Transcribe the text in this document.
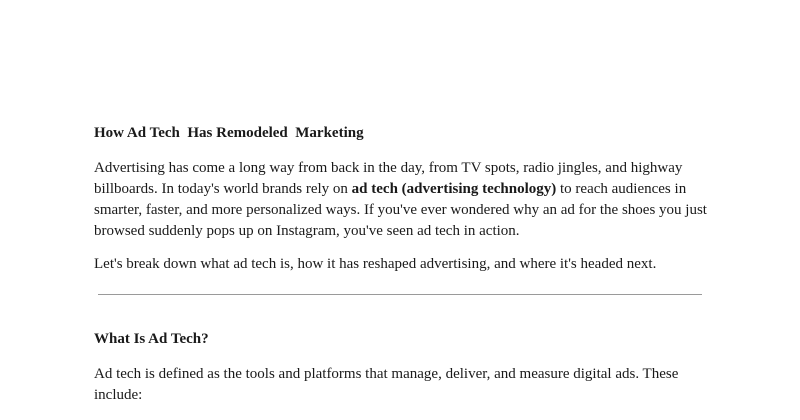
How Ad Tech  Has Remodeled  Marketing

Advertising has come a long way from back in the day, from TV spots, radio jingles, and highway billboards. In today's world brands rely on ad tech (advertising technology) to reach audiences in smarter, faster, and more personalized ways. If you've ever wondered why an ad for the shoes you just browsed suddenly pops up on Instagram, you've seen ad tech in action.

Let's break down what ad tech is, how it has reshaped advertising, and where it's headed next.

What Is Ad Tech?

Ad tech is defined as the tools and platforms that manage, deliver, and measure digital ads. These include:
